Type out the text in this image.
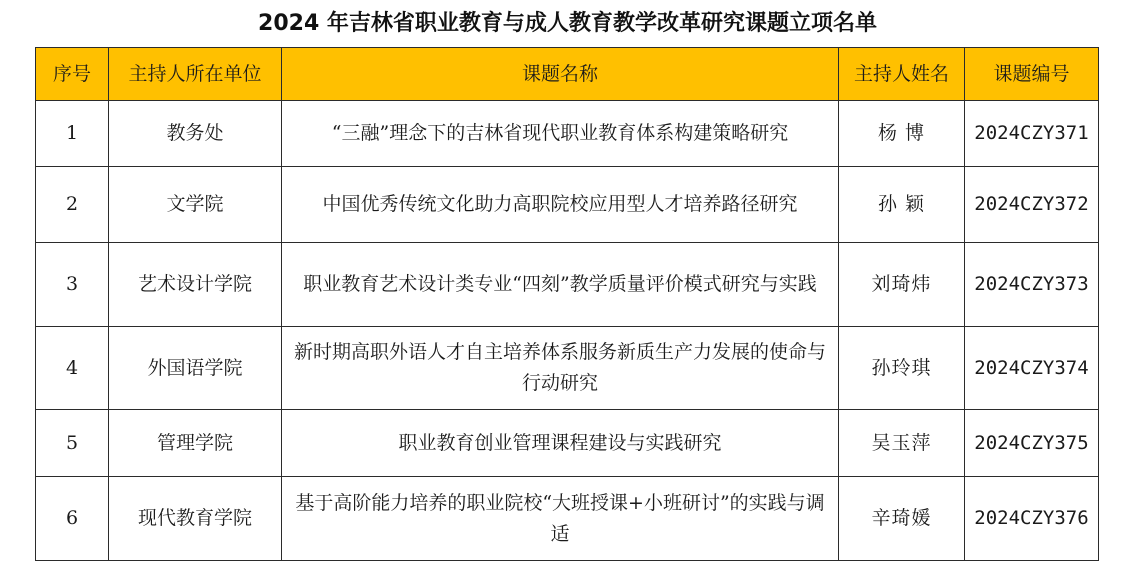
2024 年吉林省职业教育与成人教育教学改革研究课题立项名单
序号	主持人所在单位	课题名称	主持人姓名	课题编号
1	教务处	“三融”理念下的吉林省现代职业教育体系构建策略研究	杨 博	2024CZY371
2	文学院	中国优秀传统文化助力高职院校应用型人才培养路径研究	孙 颖	2024CZY372
3	艺术设计学院	职业教育艺术设计类专业“四刻”教学质量评价模式研究与实践	刘琦炜	2024CZY373
4	外国语学院	新时期高职外语人才自主培养体系服务新质生产力发展的使命与行动研究	孙玲琪	2024CZY374
5	管理学院	职业教育创业管理课程建设与实践研究	吴玉萍	2024CZY375
6	现代教育学院	基于高阶能力培养的职业院校“大班授课+小班研讨”的实践与调适	辛琦媛	2024CZY376
